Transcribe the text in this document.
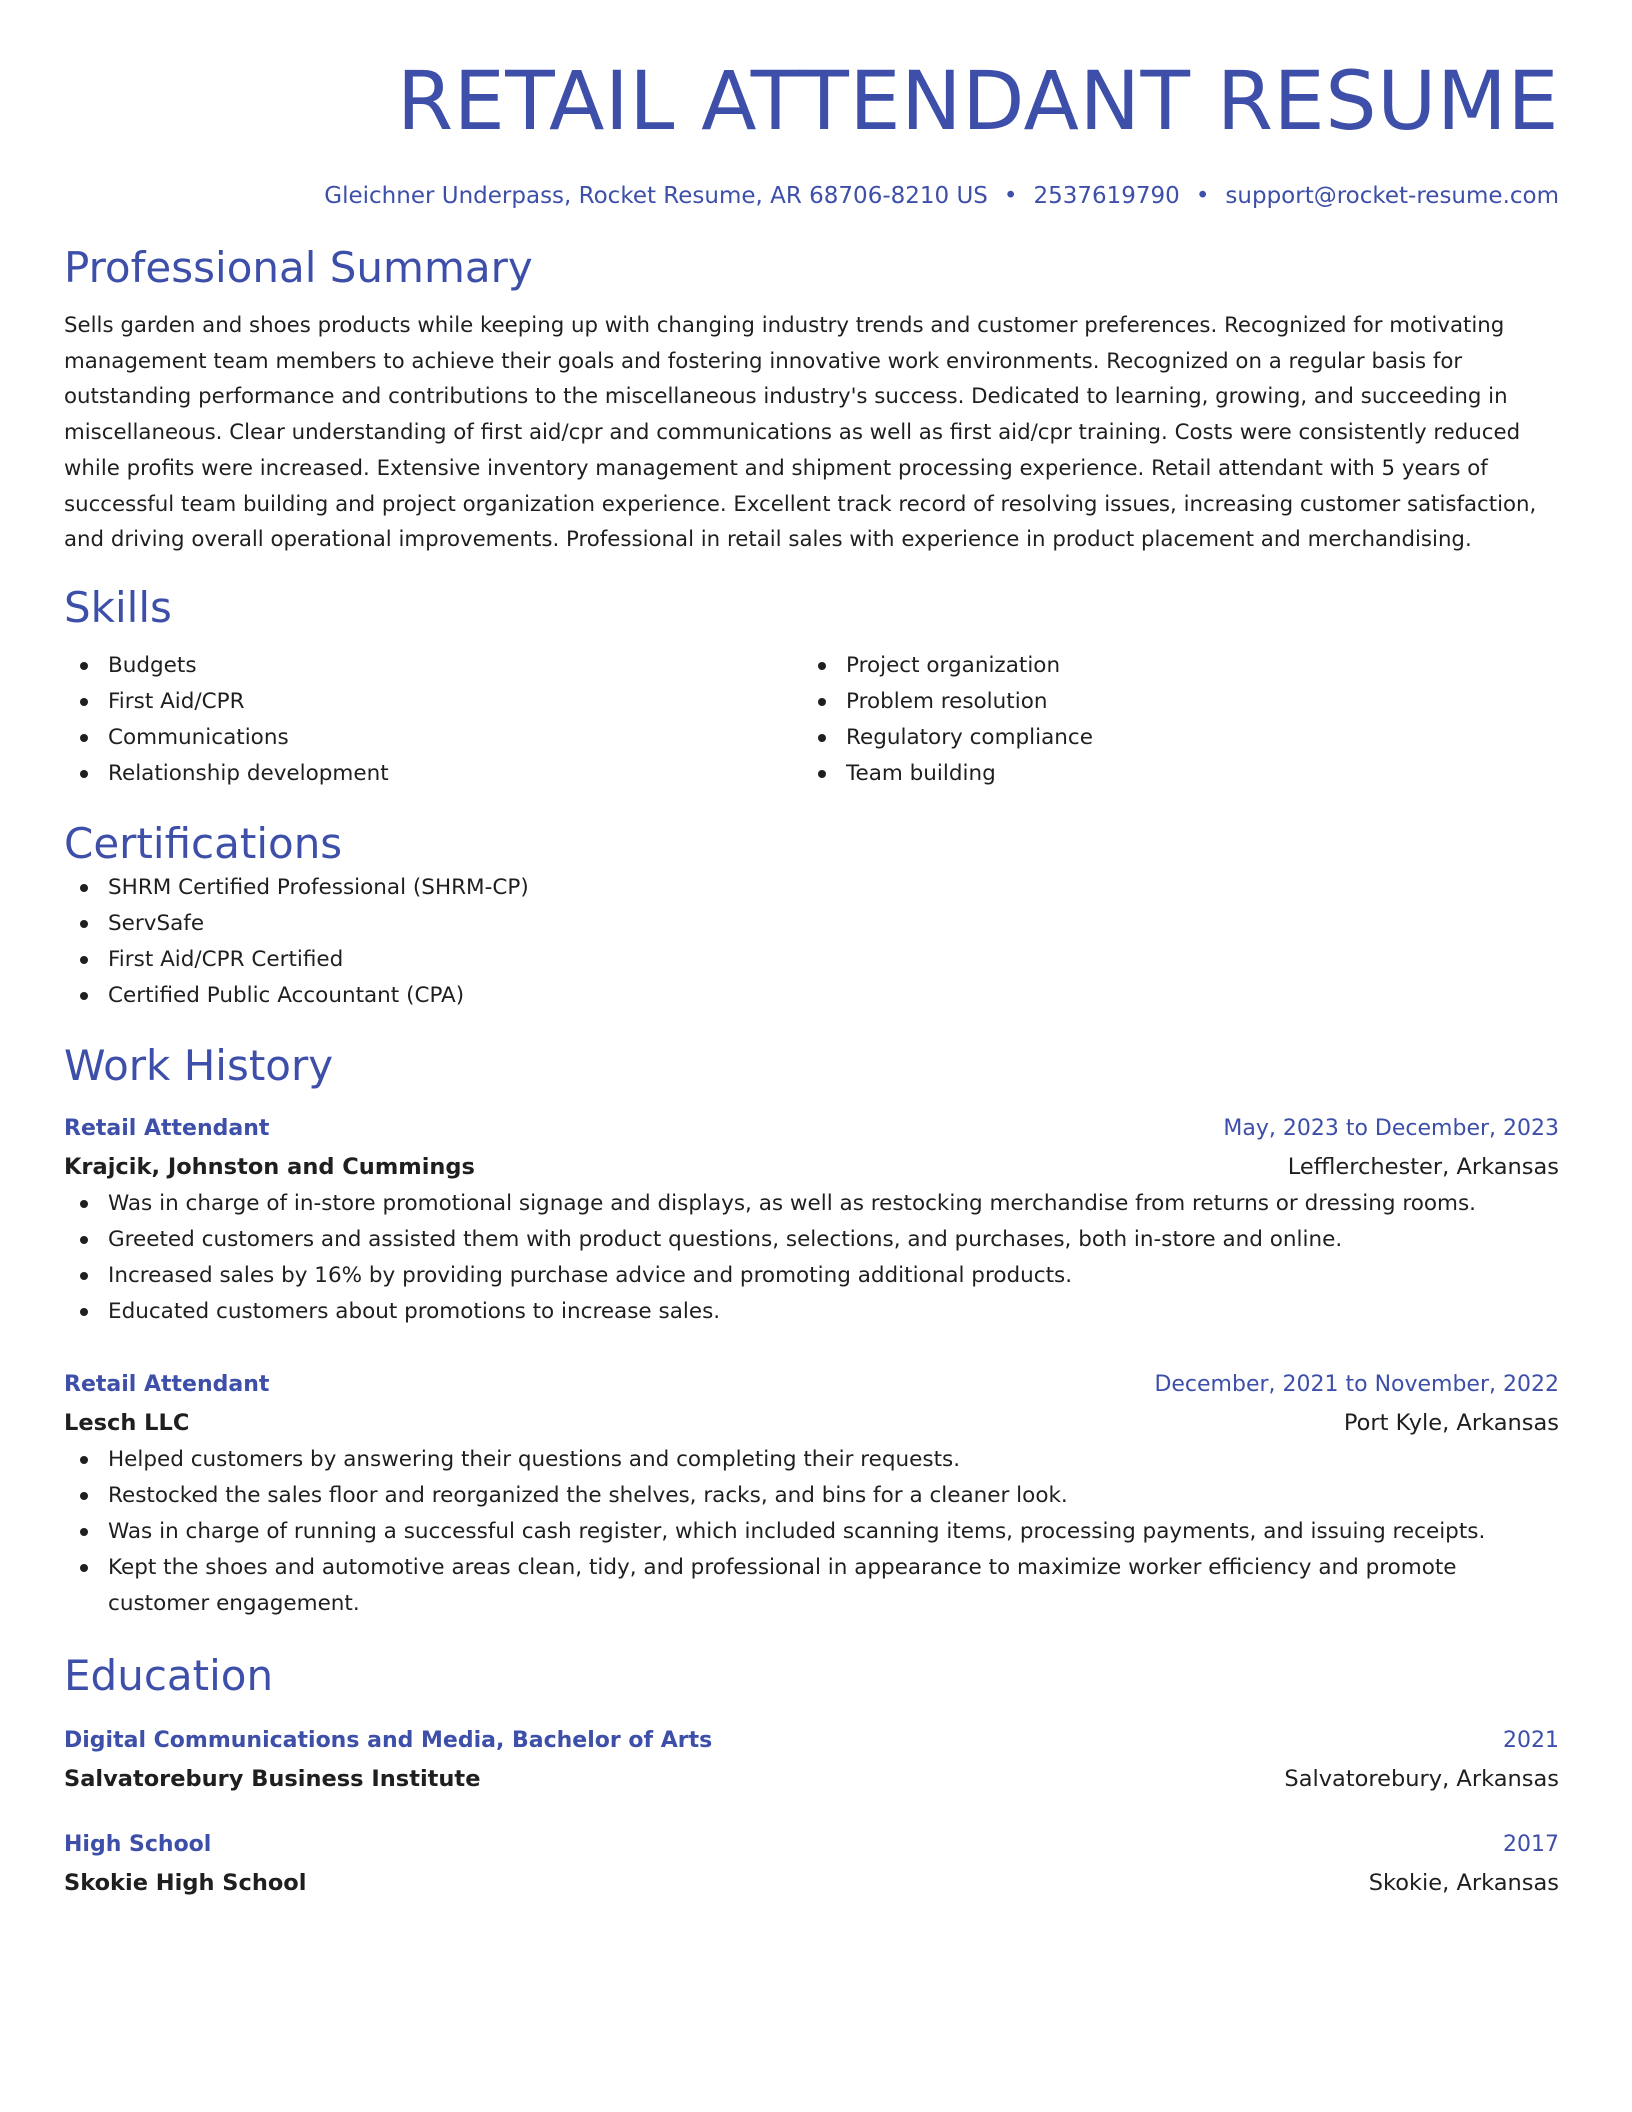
RETAIL ATTENDANT RESUME
Gleichner Underpass, Rocket Resume, AR 68706-8210 US • 2537619790 • support@rocket-resume.com
Professional Summary
Sells garden and shoes products while keeping up with changing industry trends and customer preferences. Recognized for motivating management team members to achieve their goals and fostering innovative work environments. Recognized on a regular basis for outstanding performance and contributions to the miscellaneous industry's success. Dedicated to learning, growing, and succeeding in miscellaneous. Clear understanding of first aid/cpr and communications as well as first aid/cpr training. Costs were consistently reduced while profits were increased. Extensive inventory management and shipment processing experience. Retail attendant with 5 years of successful team building and project organization experience. Excellent track record of resolving issues, increasing customer satisfaction, and driving overall operational improvements. Professional in retail sales with experience in product placement and merchandising.
Skills
Budgets
First Aid/CPR
Communications
Relationship development
Project organization
Problem resolution
Regulatory compliance
Team building
Certifications
SHRM Certified Professional (SHRM-CP)
ServSafe
First Aid/CPR Certified
Certified Public Accountant (CPA)
Work History
Retail Attendant	May, 2023 to December, 2023
Krajcik, Johnston and Cummings	Lefflerchester, Arkansas
Was in charge of in-store promotional signage and displays, as well as restocking merchandise from returns or dressing rooms.
Greeted customers and assisted them with product questions, selections, and purchases, both in-store and online.
Increased sales by 16% by providing purchase advice and promoting additional products.
Educated customers about promotions to increase sales.
Retail Attendant	December, 2021 to November, 2022
Lesch LLC	Port Kyle, Arkansas
Helped customers by answering their questions and completing their requests.
Restocked the sales floor and reorganized the shelves, racks, and bins for a cleaner look.
Was in charge of running a successful cash register, which included scanning items, processing payments, and issuing receipts.
Kept the shoes and automotive areas clean, tidy, and professional in appearance to maximize worker efficiency and promote customer engagement.
Education
Digital Communications and Media, Bachelor of Arts	2021
Salvatorebury Business Institute	Salvatorebury, Arkansas
High School	2017
Skokie High School	Skokie, Arkansas
